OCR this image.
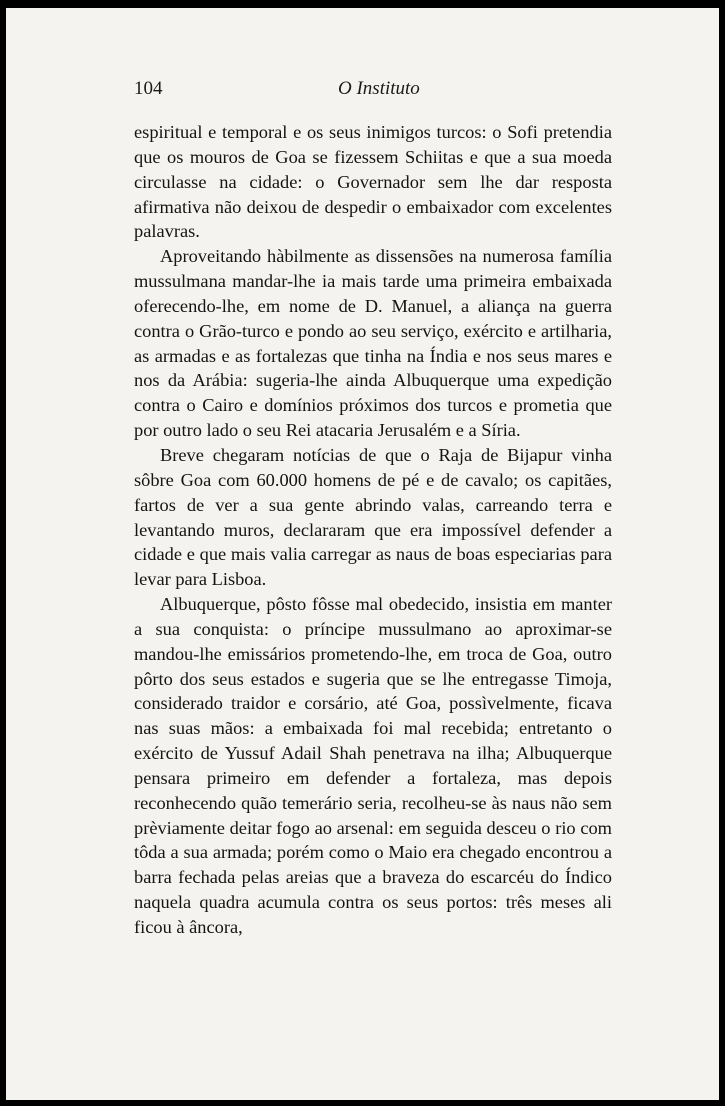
104	O Instituto

espiritual e temporal e os seus inimigos turcos: o Sofi pretendia que os mouros de Goa se fizessem Schiitas e que a sua moeda circulasse na cidade: o Governador sem lhe dar resposta afirmativa não deixou de despedir o embaixador com excelentes palavras.

Aproveitando hàbilmente as dissensões na numerosa família mussulmana mandar-lhe ia mais tarde uma primeira embaixada oferecendo-lhe, em nome de D. Manuel, a aliança na guerra contra o Grão-turco e pondo ao seu serviço, exército e artilharia, as armadas e as fortalezas que tinha na Índia e nos seus mares e nos da Arábia: sugeria-lhe ainda Albuquerque uma expedição contra o Cairo e domínios próximos dos turcos e prometia que por outro lado o seu Rei atacaria Jerusalém e a Síria.

Breve chegaram notícias de que o Raja de Bijapur vinha sôbre Goa com 60.000 homens de pé e de cavalo; os capitães, fartos de ver a sua gente abrindo valas, carreando terra e levantando muros, declararam que era impossível defender a cidade e que mais valia carregar as naus de boas especiarias para levar para Lisboa.

Albuquerque, pôsto fôsse mal obedecido, insistia em manter a sua conquista: o príncipe mussulmano ao aproximar-se mandou-lhe emissários prometendo-lhe, em troca de Goa, outro pôrto dos seus estados e sugeria que se lhe entregasse Timoja, considerado traidor e corsário, até Goa, possìvelmente, ficava nas suas mãos: a embaixada foi mal recebida; entretanto o exército de Yussuf Adail Shah penetrava na ilha; Albuquerque pensara primeiro em defender a fortaleza, mas depois reconhecendo quão temerário seria, recolheu-se às naus não sem prèviamente deitar fogo ao arsenal: em seguida desceu o rio com tôda a sua armada; porém como o Maio era chegado encontrou a barra fechada pelas areias que a braveza do escarcéu do Índico naquela quadra acumula contra os seus portos: três meses ali ficou à âncora,
